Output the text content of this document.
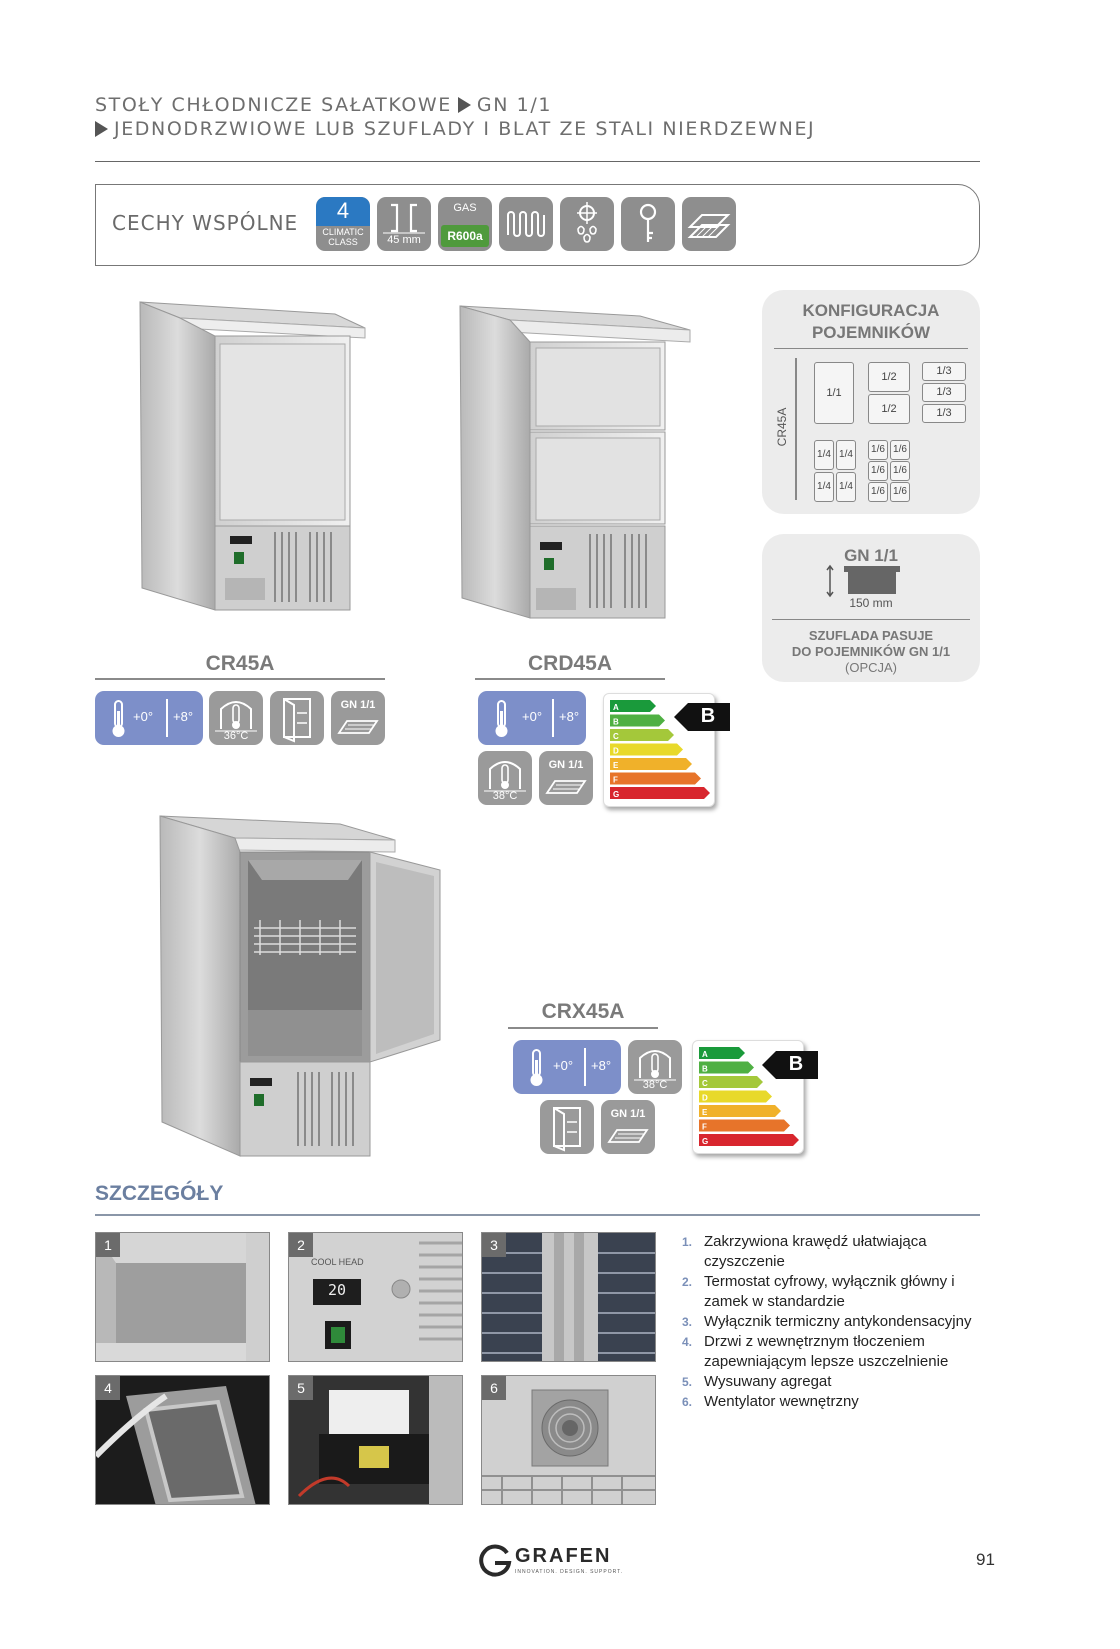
STOŁY CHŁODNICZE SAŁATKOWE GN 1/1
JEDNODRZWIOWE LUB SZUFLADY I BLAT ZE STALI NIERDZEWNEJ
CECHY WSPÓLNE	4
CLIMATIC
CLASS	45 mm
GAS
R600a
CR45A
+0° +8°
36°C
GN 1/1
CRD45A
+0° +8°
38°C
GN 1/1
A
B
C
D
E
F
G
B
CRX45A
+0° +8°
38°C
GN 1/1
A
B
C
D
E
F
G
B
KONFIGURACJA
POJEMNIKÓW
CR45A
1/1
1/2
1/2
1/3
1/3
1/3
1/4 1/4
1/4 1/4
1/6 1/6
1/6 1/6
1/6 1/6
GN 1/1
150 mm
SZUFLADA PASUJE
DO POJEMNIKÓW GN 1/1
(OPCJA)
SZCZEGÓŁY
1	2
COOL HEAD
20
3
4	5	6
1. Zakrzywiona krawędź ułatwiająca czyszczenie
2. Termostat cyfrowy, wyłącznik główny i zamek w standardzie
3. Wyłącznik termiczny antykondensacyjny
4. Drzwi z wewnętrznym tłoczeniem zapewniającym lepsze uszczelnienie
5. Wysuwany agregat
6. Wentylator wewnętrzny
GRAFEN
INNOVATION. DESIGN. SUPPORT.
91
